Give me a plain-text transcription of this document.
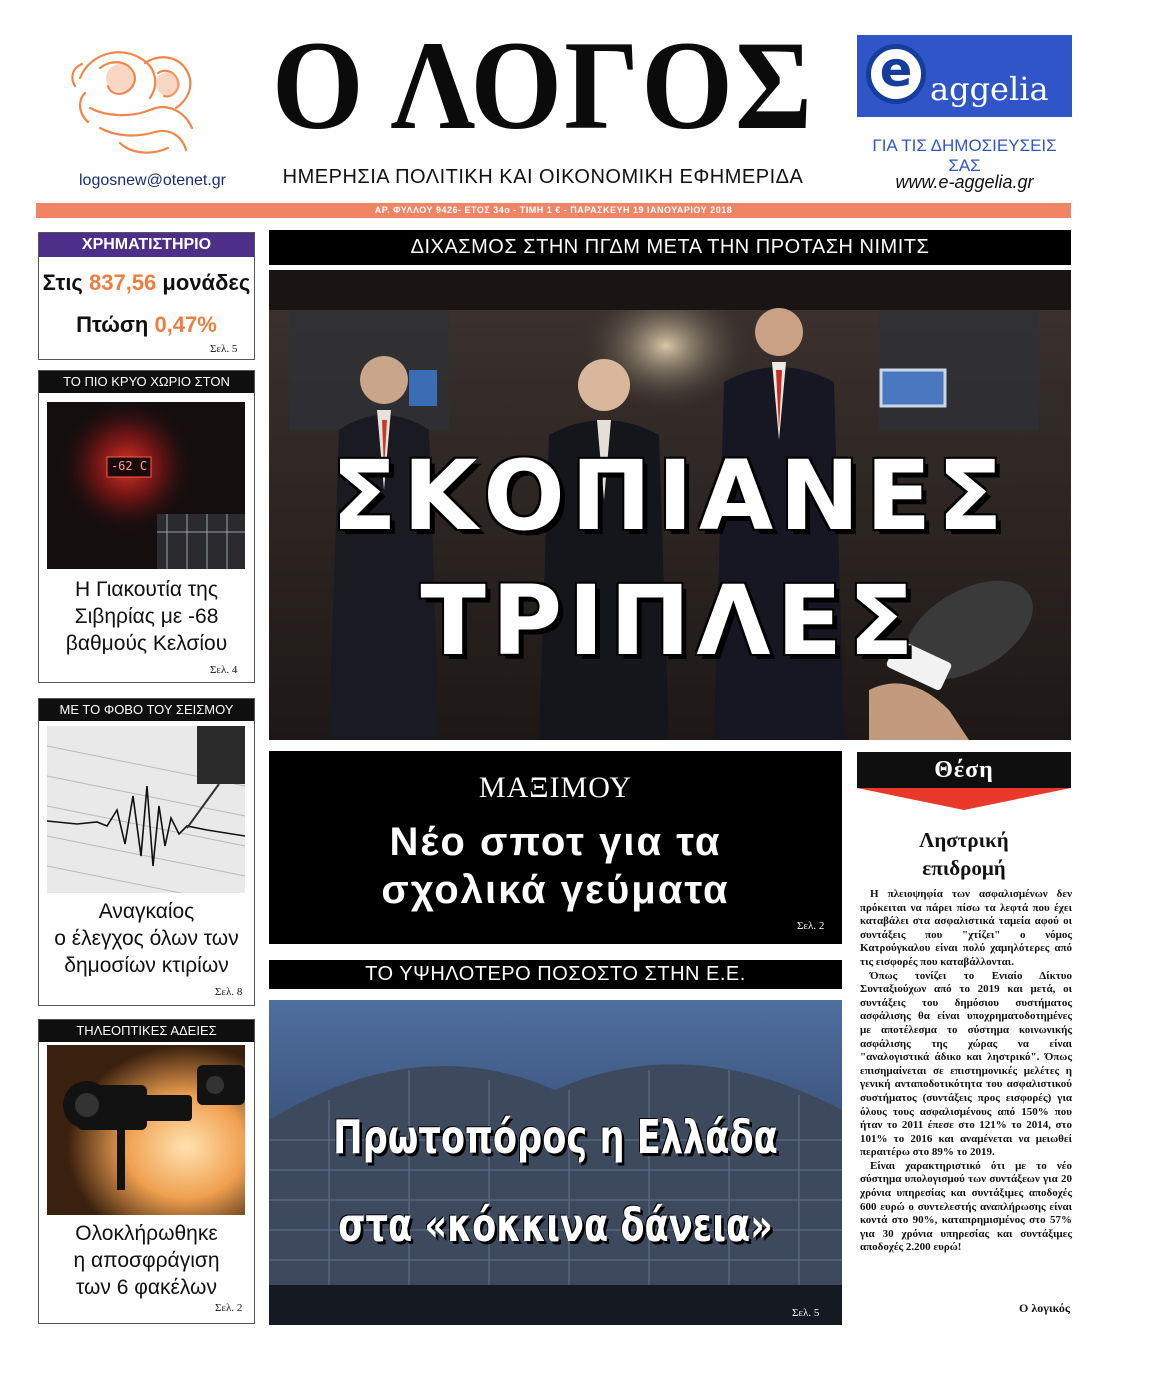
logosnew@otenet.gr
Ο ΛΟΓΟΣ
ΗΜΕΡΗΣΙΑ ΠΟΛΙΤΙΚΗ ΚΑΙ ΟΙΚΟΝΟΜΙΚΗ ΕΦΗΜΕΡΙΔΑ
e aggelia
ΓΙΑ ΤΙΣ ΔΗΜΟΣΙΕΥΣΕΙΣ ΣΑΣ
www.e-aggelia.gr
ΑΡ. ΦΥΛΛΟΥ 9426- ΕΤΟΣ 34ο - ΤΙΜΗ 1 € - ΠΑΡΑΣΚΕΥΗ 19 ΙΑΝΟΥΑΡΙΟΥ 2018
ΧΡΗΜΑΤΙΣΤΗΡΙΟ
Στις 837,56 μονάδες
Πτώση 0,47%
Σελ. 5
ΤΟ ΠΙΟ ΚΡΥΟ ΧΩΡΙΟ ΣΤΟΝ
-62 C
Η Γιακουτία της
Σιβηρίας με -68
βαθμούς Κελσίου
Σελ. 4
ΜΕ ΤΟ ΦΟΒΟ ΤΟΥ ΣΕΙΣΜΟΥ
Αναγκαίος
ο έλεγχος όλων των
δημοσίων κτιρίων
Σελ. 8
ΤΗΛΕΟΠΤΙΚΕΣ ΑΔΕΙΕΣ
Ολοκλήρωθηκε
η αποσφράγιση
των 6 φακέλων
Σελ. 2
ΔΙΧΑΣΜΟΣ ΣΤΗΝ ΠΓΔΜ ΜΕΤΑ ΤΗΝ ΠΡΟΤΑΣΗ ΝΙΜΙΤΣ
ΣΚΟΠΙΑΝΕΣ
ΤΡΙΠΛΕΣ
ΜΑΞΙΜΟΥ
Νέο σποτ για τα
σχολικά γεύματα
Σελ. 2
ΤΟ ΥΨΗΛΟΤΕΡΟ ΠΟΣΟΣΤΟ ΣΤΗΝ Ε.Ε.
Πρωτοπόρος η Ελλάδα
στα «κόκκινα δάνεια»
Σελ. 5
Θέση
Ληστρική
επιδρομή

Η πλειοψηφία των ασφαλισμένων δεν πρόκειται να πάρει πίσω τα λεφτά που έχει καταβάλει στα ασφαλιστικά ταμεία αφού οι συντάξεις που "χτίζει" ο νόμος Κατρούγκαλου είναι πολύ χαμηλότερες από τις εισφορές που καταβάλλονται.

Όπως τονίζει το Ενιαίο Δίκτυο Συνταξιούχων από το 2019 και μετά, οι συντάξεις του δημόσιου συστήματος ασφάλισης θα είναι υποχρηματοδοτημένες με αποτέλεσμα το σύστημα κοινωνικής ασφάλισης της χώρας να είναι "αναλογιστικά άδικο και ληστρικό". Όπως επισημαίνεται σε επιστημονικές μελέτες η γενική ανταποδοτικότητα του ασφαλιστικού συστήματος (συντάξεις προς εισφορές) για όλους τους ασφαλισμένους από 150% που ήταν το 2011 έπεσε στο 121% το 2014, στο 101% το 2016 και αναμένεται να μειωθεί περαιτέρω στο 89% το 2019.

Είναι χαρακτηριστικό ότι με το νέο σύστημα υπολογισμού των συντάξεων για 20 χρόνια υπηρεσίας και συντάξιμες αποδοχές 600 ευρώ ο συντελεστής αναπλήρωσης είναι κοντά στο 90%, καταπρημισμένος στο 57% για 30 χρόνια υπηρεσίας και συντάξιμες αποδοχές 2.200 ευρώ!

Ο λογικός
